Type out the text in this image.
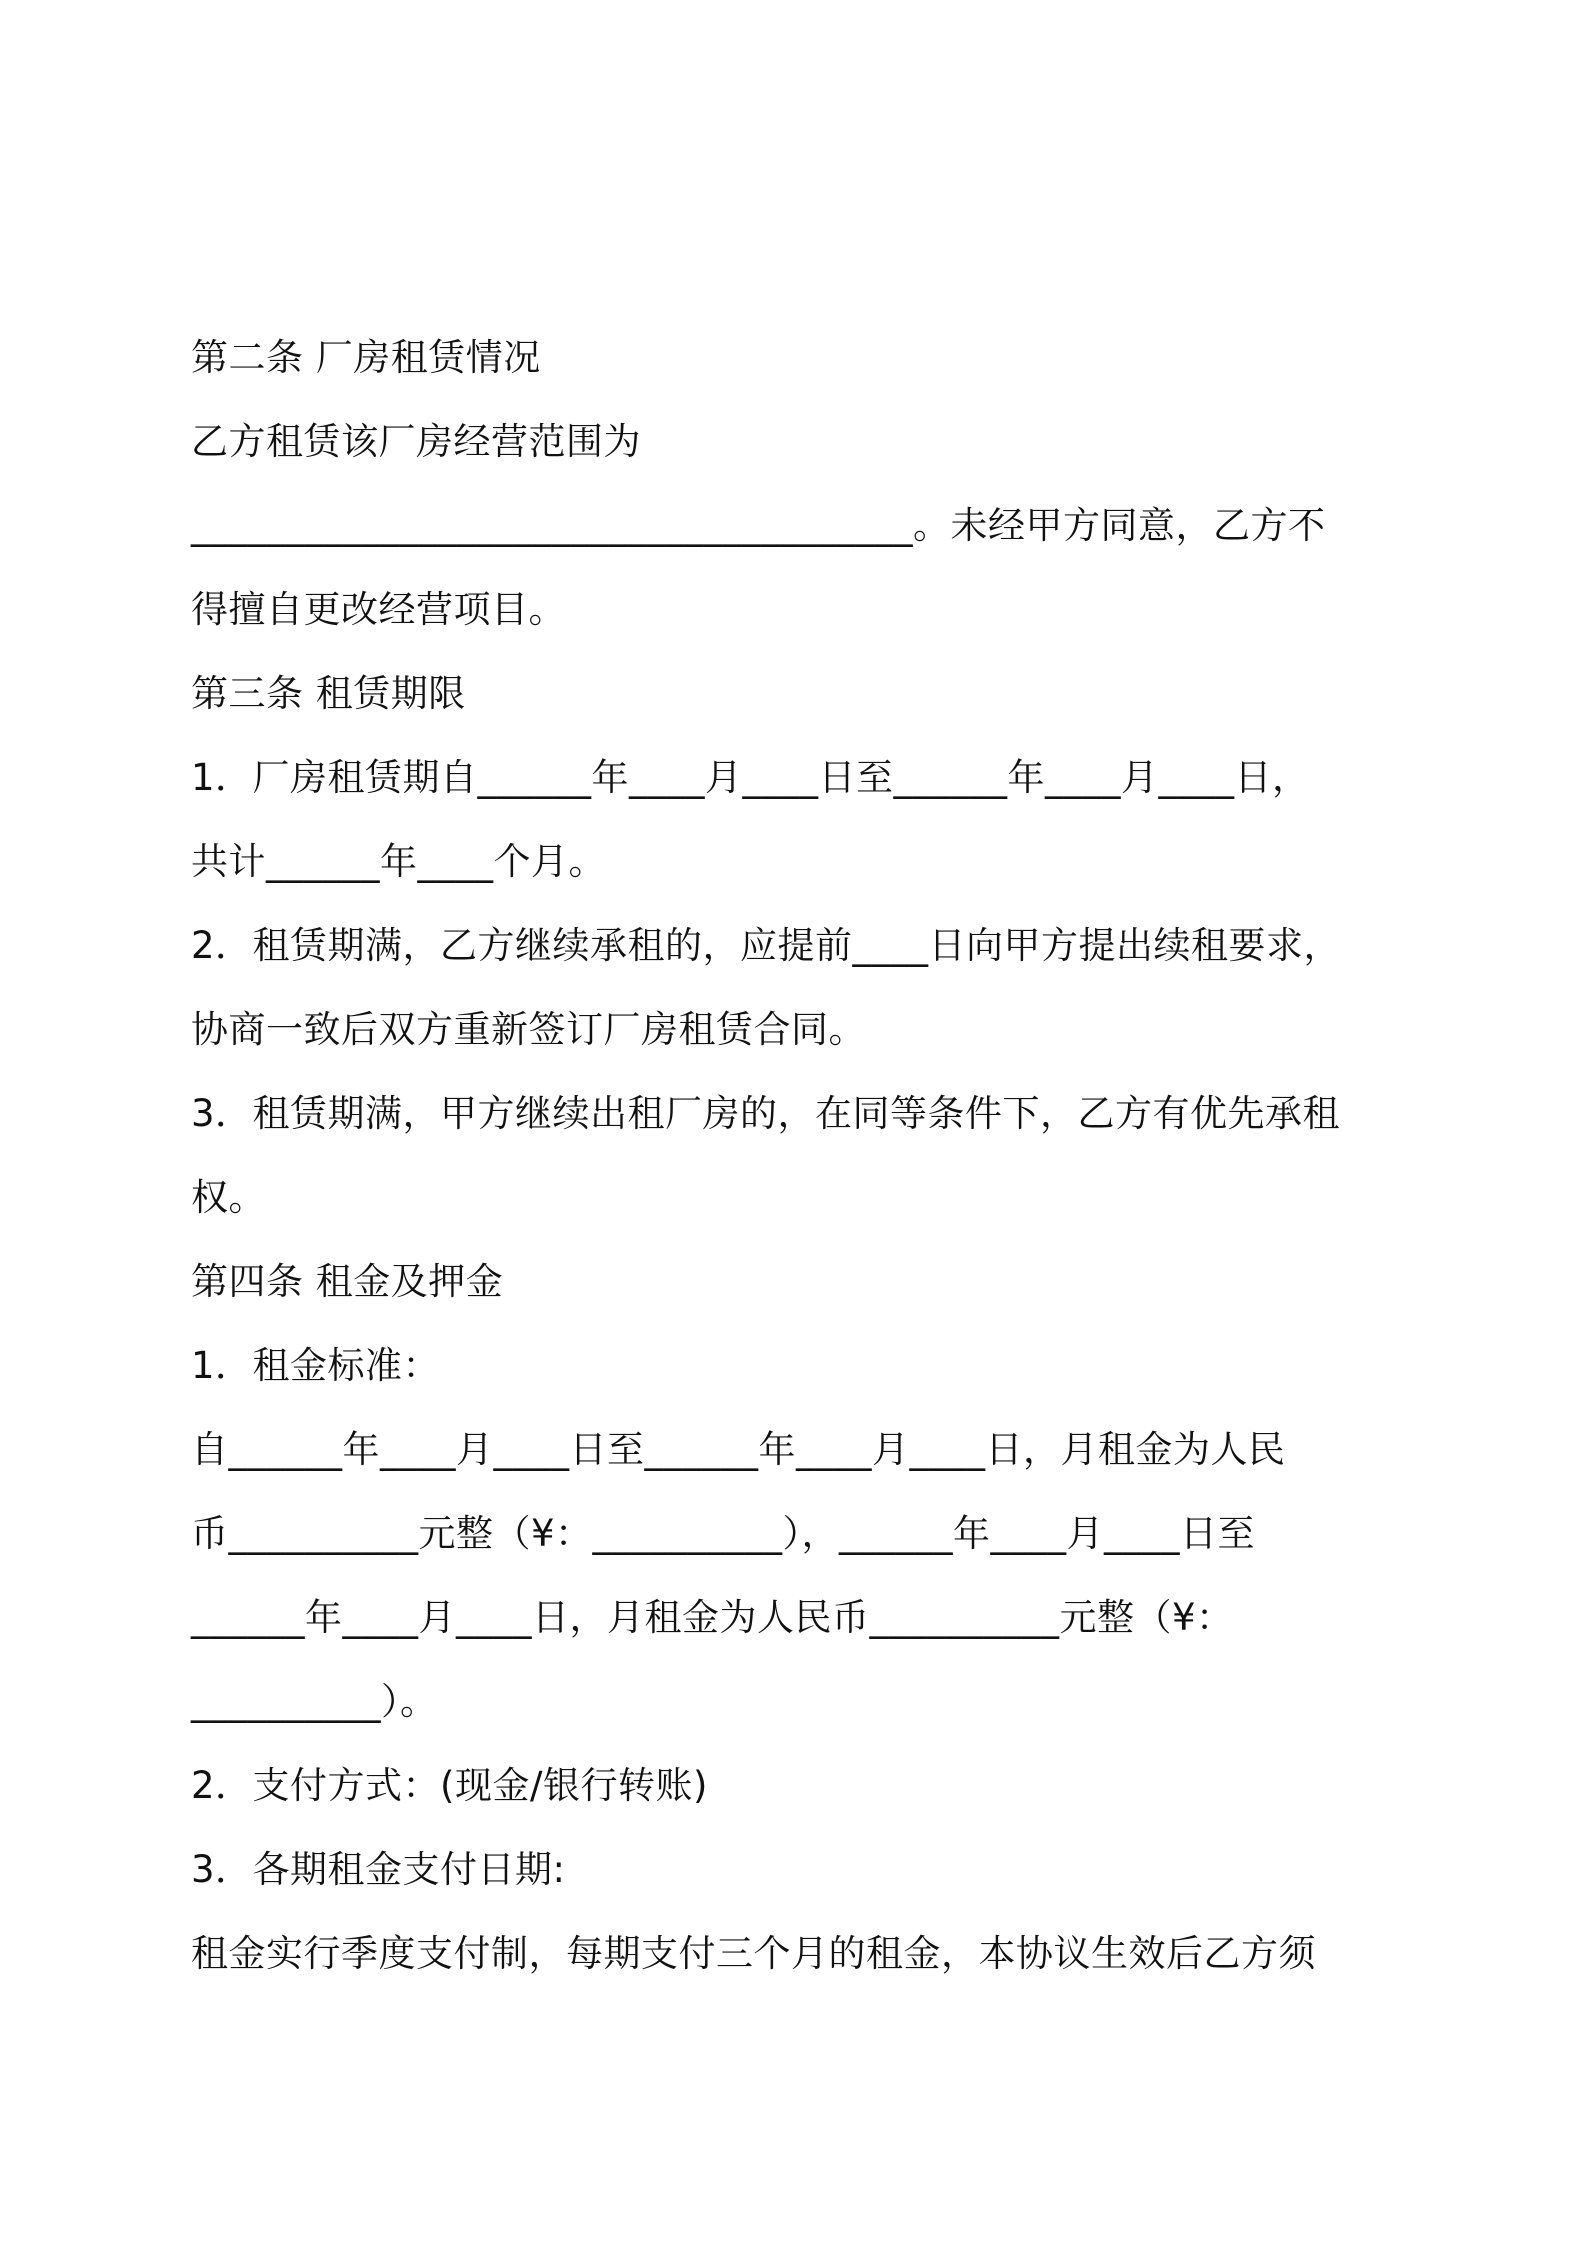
第二条 厂房租赁情况
乙方租赁该厂房经营范围为
______________________________________。未经甲方同意，乙方不
得擅自更改经营项目。
第三条 租赁期限
1．厂房租赁期自______年____月____日至______年____月____日，
共计______年____个月。
2．租赁期满，乙方继续承租的，应提前____日向甲方提出续租要求，
协商一致后双方重新签订厂房租赁合同。
3．租赁期满，甲方继续出租厂房的，在同等条件下，乙方有优先承租
权。
第四条 租金及押金
1．租金标准：
自______年____月____日至______年____月____日，月租金为人民
币__________元整（¥：__________），______年____月____日至
______年____月____日，月租金为人民币__________元整（¥：
__________）。
2．支付方式：(现金/银行转账)
3．各期租金支付日期:
租金实行季度支付制，每期支付三个月的租金，本协议生效后乙方须
